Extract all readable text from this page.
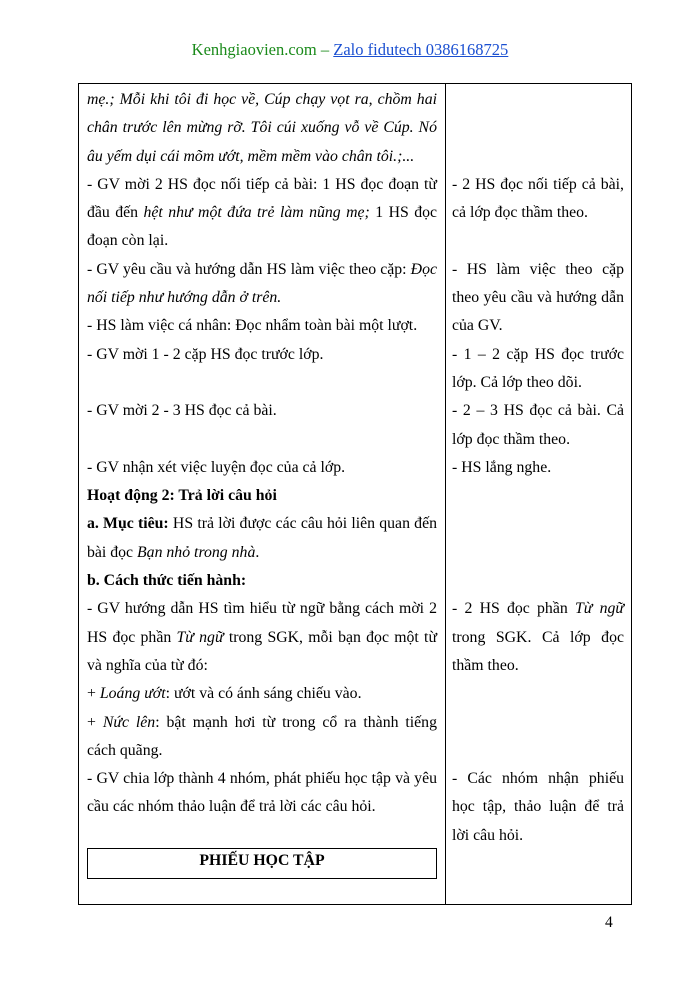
Kenhgiaovien.com – Zalo fidutech 0386168725

mẹ.; Mỗi khi tôi đi học về, Cúp chạy vọt ra, chồm hai chân trước lên mừng rỡ. Tôi cúi xuống vỗ về Cúp. Nó âu yếm dụi cái mõm ướt, mềm mềm vào chân tôi.;...

- GV mời 2 HS đọc nối tiếp cả bài: 1 HS đọc đoạn từ đầu đến hệt như một đứa trẻ làm nũng mẹ; 1 HS đọc đoạn còn lại.

- GV yêu cầu và hướng dẫn HS làm việc theo cặp: Đọc nối tiếp như hướng dẫn ở trên.

- HS làm việc cá nhân: Đọc nhẩm toàn bài một lượt.

- GV mời 1 - 2 cặp HS đọc trước lớp.

- GV mời 2 - 3 HS đọc cả bài.

- GV nhận xét việc luyện đọc của cả lớp.

Hoạt động 2: Trả lời câu hỏi

a. Mục tiêu: HS trả lời được các câu hỏi liên quan đến bài đọc Bạn nhỏ trong nhà.

b. Cách thức tiến hành:

- GV hướng dẫn HS tìm hiểu từ ngữ bằng cách mời 2 HS đọc phần Từ ngữ trong SGK, mỗi bạn đọc một từ và nghĩa của từ đó:

+ Loáng ướt: ướt và có ánh sáng chiếu vào.

+ Nức lên: bật mạnh hơi từ trong cổ ra thành tiếng cách quãng.

- GV chia lớp thành 4 nhóm, phát phiếu học tập và yêu cầu các nhóm thảo luận để trả lời các câu hỏi.

PHIẾU HỌC TẬP

- 2 HS đọc nối tiếp cả bài, cả lớp đọc thầm theo.

- HS làm việc theo cặp theo yêu cầu và hướng dẫn của GV.

- 1 – 2 cặp HS đọc trước lớp. Cả lớp theo dõi.

- 2 – 3 HS đọc cả bài. Cả lớp đọc thầm theo.

- HS lắng nghe.

- 2 HS đọc phần Từ ngữ trong SGK. Cả lớp đọc thầm theo.

- Các nhóm nhận phiếu học tập, thảo luận để trả lời câu hỏi.

4
